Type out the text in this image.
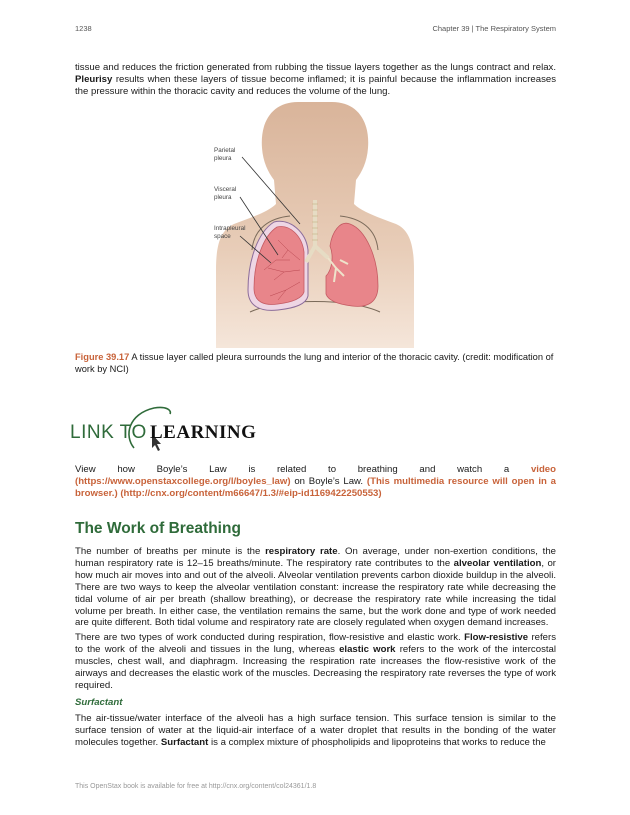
1238	Chapter 39 | The Respiratory System
tissue and reduces the friction generated from rubbing the tissue layers together as the lungs contract and relax. Pleurisy results when these layers of tissue become inflamed; it is painful because the inflammation increases the pressure within the thoracic cavity and reduces the volume of the lung.
Parietal pleura
Visceral pleura
Intrapleural space
Figure 39.17 A tissue layer called pleura surrounds the lung and interior of the thoracic cavity. (credit: modification of work by NCI)
LINK TO LEARNING
View how Boyle’s Law is related to breathing and watch a video (https://www.openstaxcollege.org/l/boyles_law) on Boyle’s Law. (This multimedia resource will open in a browser.) (http://cnx.org/content/m66647/1.3/#eip-id1169422250553)
The Work of Breathing
The number of breaths per minute is the respiratory rate. On average, under non-exertion conditions, the human respiratory rate is 12–15 breaths/minute. The respiratory rate contributes to the alveolar ventilation, or how much air moves into and out of the alveoli. Alveolar ventilation prevents carbon dioxide buildup in the alveoli. There are two ways to keep the alveolar ventilation constant: increase the respiratory rate while decreasing the tidal volume of air per breath (shallow breathing), or decrease the respiratory rate while increasing the tidal volume per breath. In either case, the ventilation remains the same, but the work done and type of work needed are quite different. Both tidal volume and respiratory rate are closely regulated when oxygen demand increases.
There are two types of work conducted during respiration, flow-resistive and elastic work. Flow-resistive refers to the work of the alveoli and tissues in the lung, whereas elastic work refers to the work of the intercostal muscles, chest wall, and diaphragm. Increasing the respiration rate increases the flow-resistive work of the airways and decreases the elastic work of the muscles. Decreasing the respiratory rate reverses the type of work required.
Surfactant
The air-tissue/water interface of the alveoli has a high surface tension. This surface tension is similar to the surface tension of water at the liquid-air interface of a water droplet that results in the bonding of the water molecules together. Surfactant is a complex mixture of phospholipids and lipoproteins that works to reduce the
This OpenStax book is available for free at http://cnx.org/content/col24361/1.8
